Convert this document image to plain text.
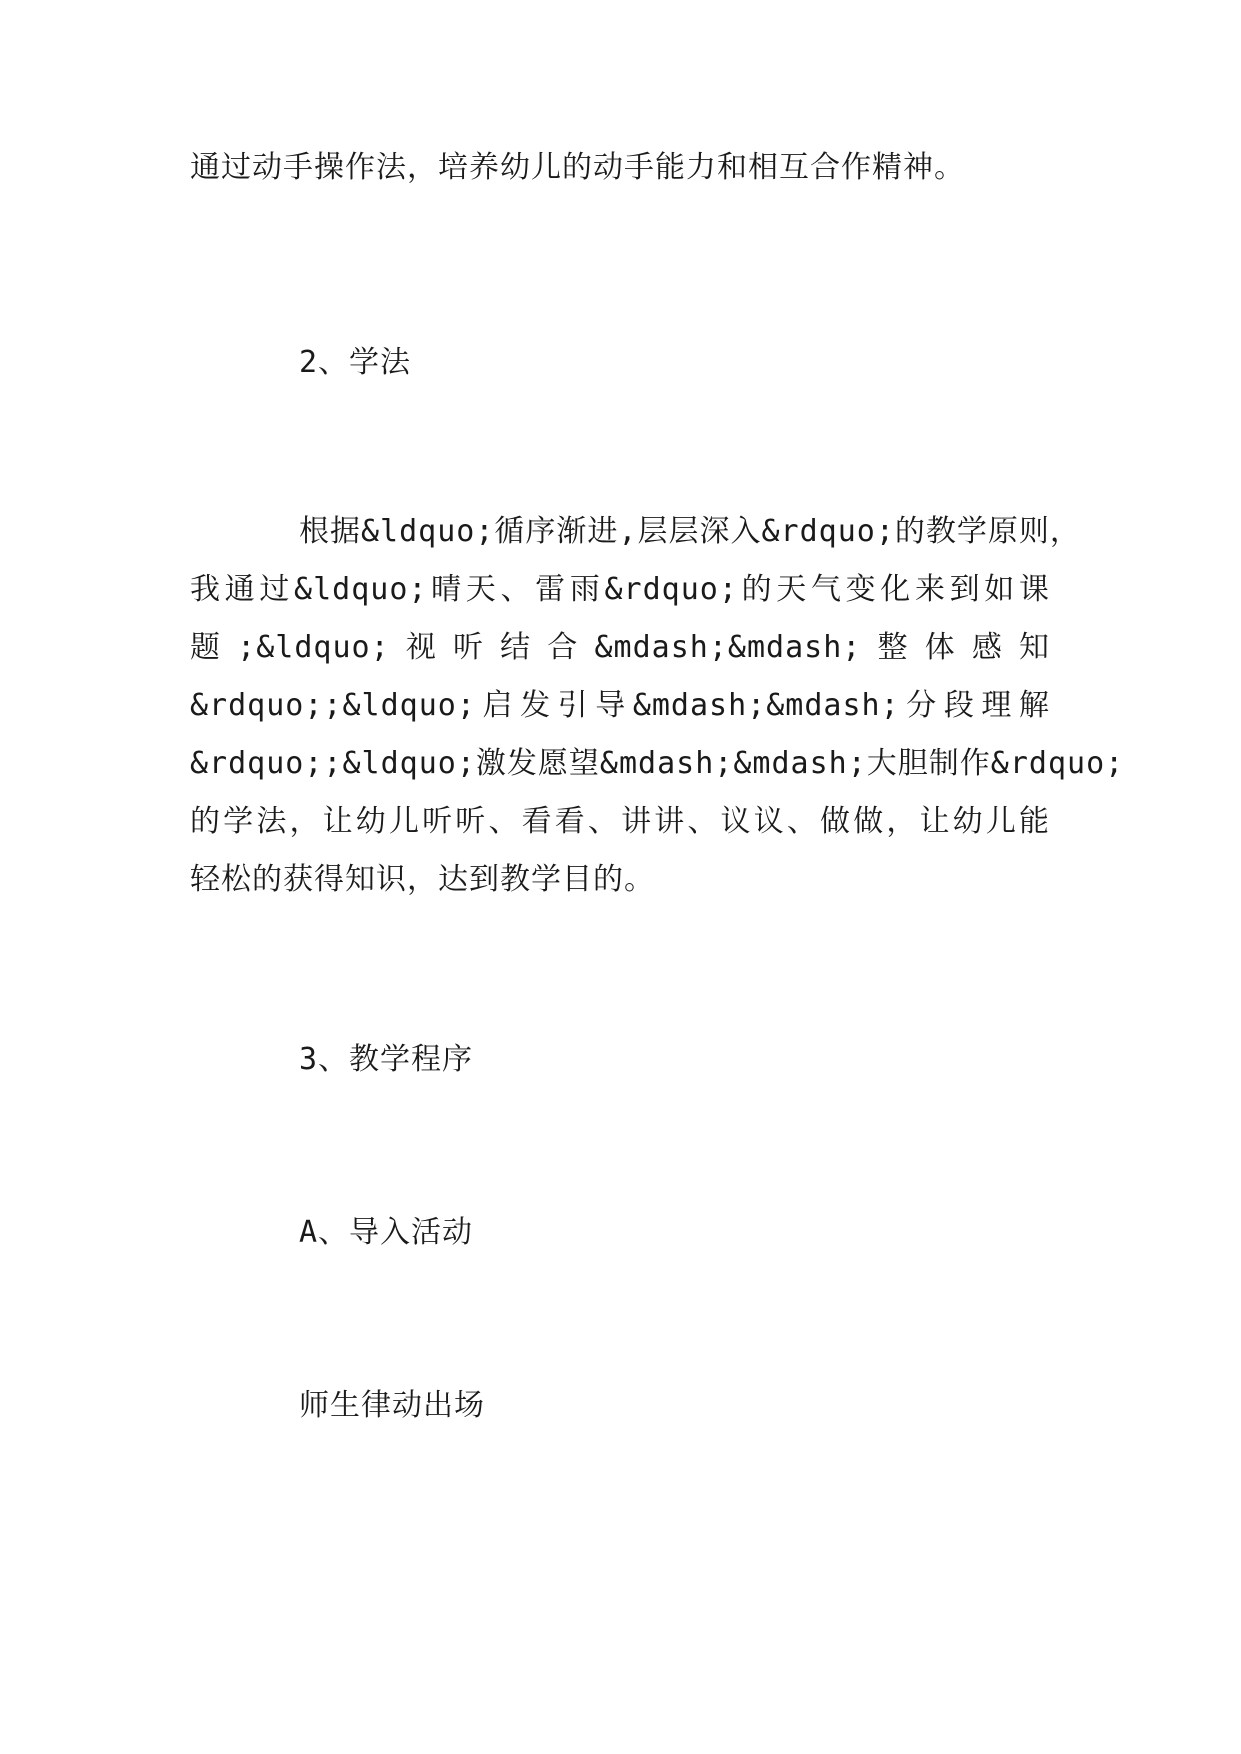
通过动手操作法，培养幼儿的动手能力和相互合作精神。
2、学法
根据&ldquo;循序渐进,层层深入&rdquo;的教学原则，
我通过&ldquo;晴天、雷雨&rdquo;的天气变化来到如课
题;&ldquo;视听结合&mdash;&mdash;整体感知
&rdquo;;&ldquo;启发引导&mdash;&mdash;分段理解
&rdquo;;&ldquo;激发愿望&mdash;&mdash;大胆制作&rdquo;
的学法，让幼儿听听、看看、讲讲、议议、做做，让幼儿能
轻松的获得知识，达到教学目的。
3、教学程序
A、导入活动
师生律动出场
